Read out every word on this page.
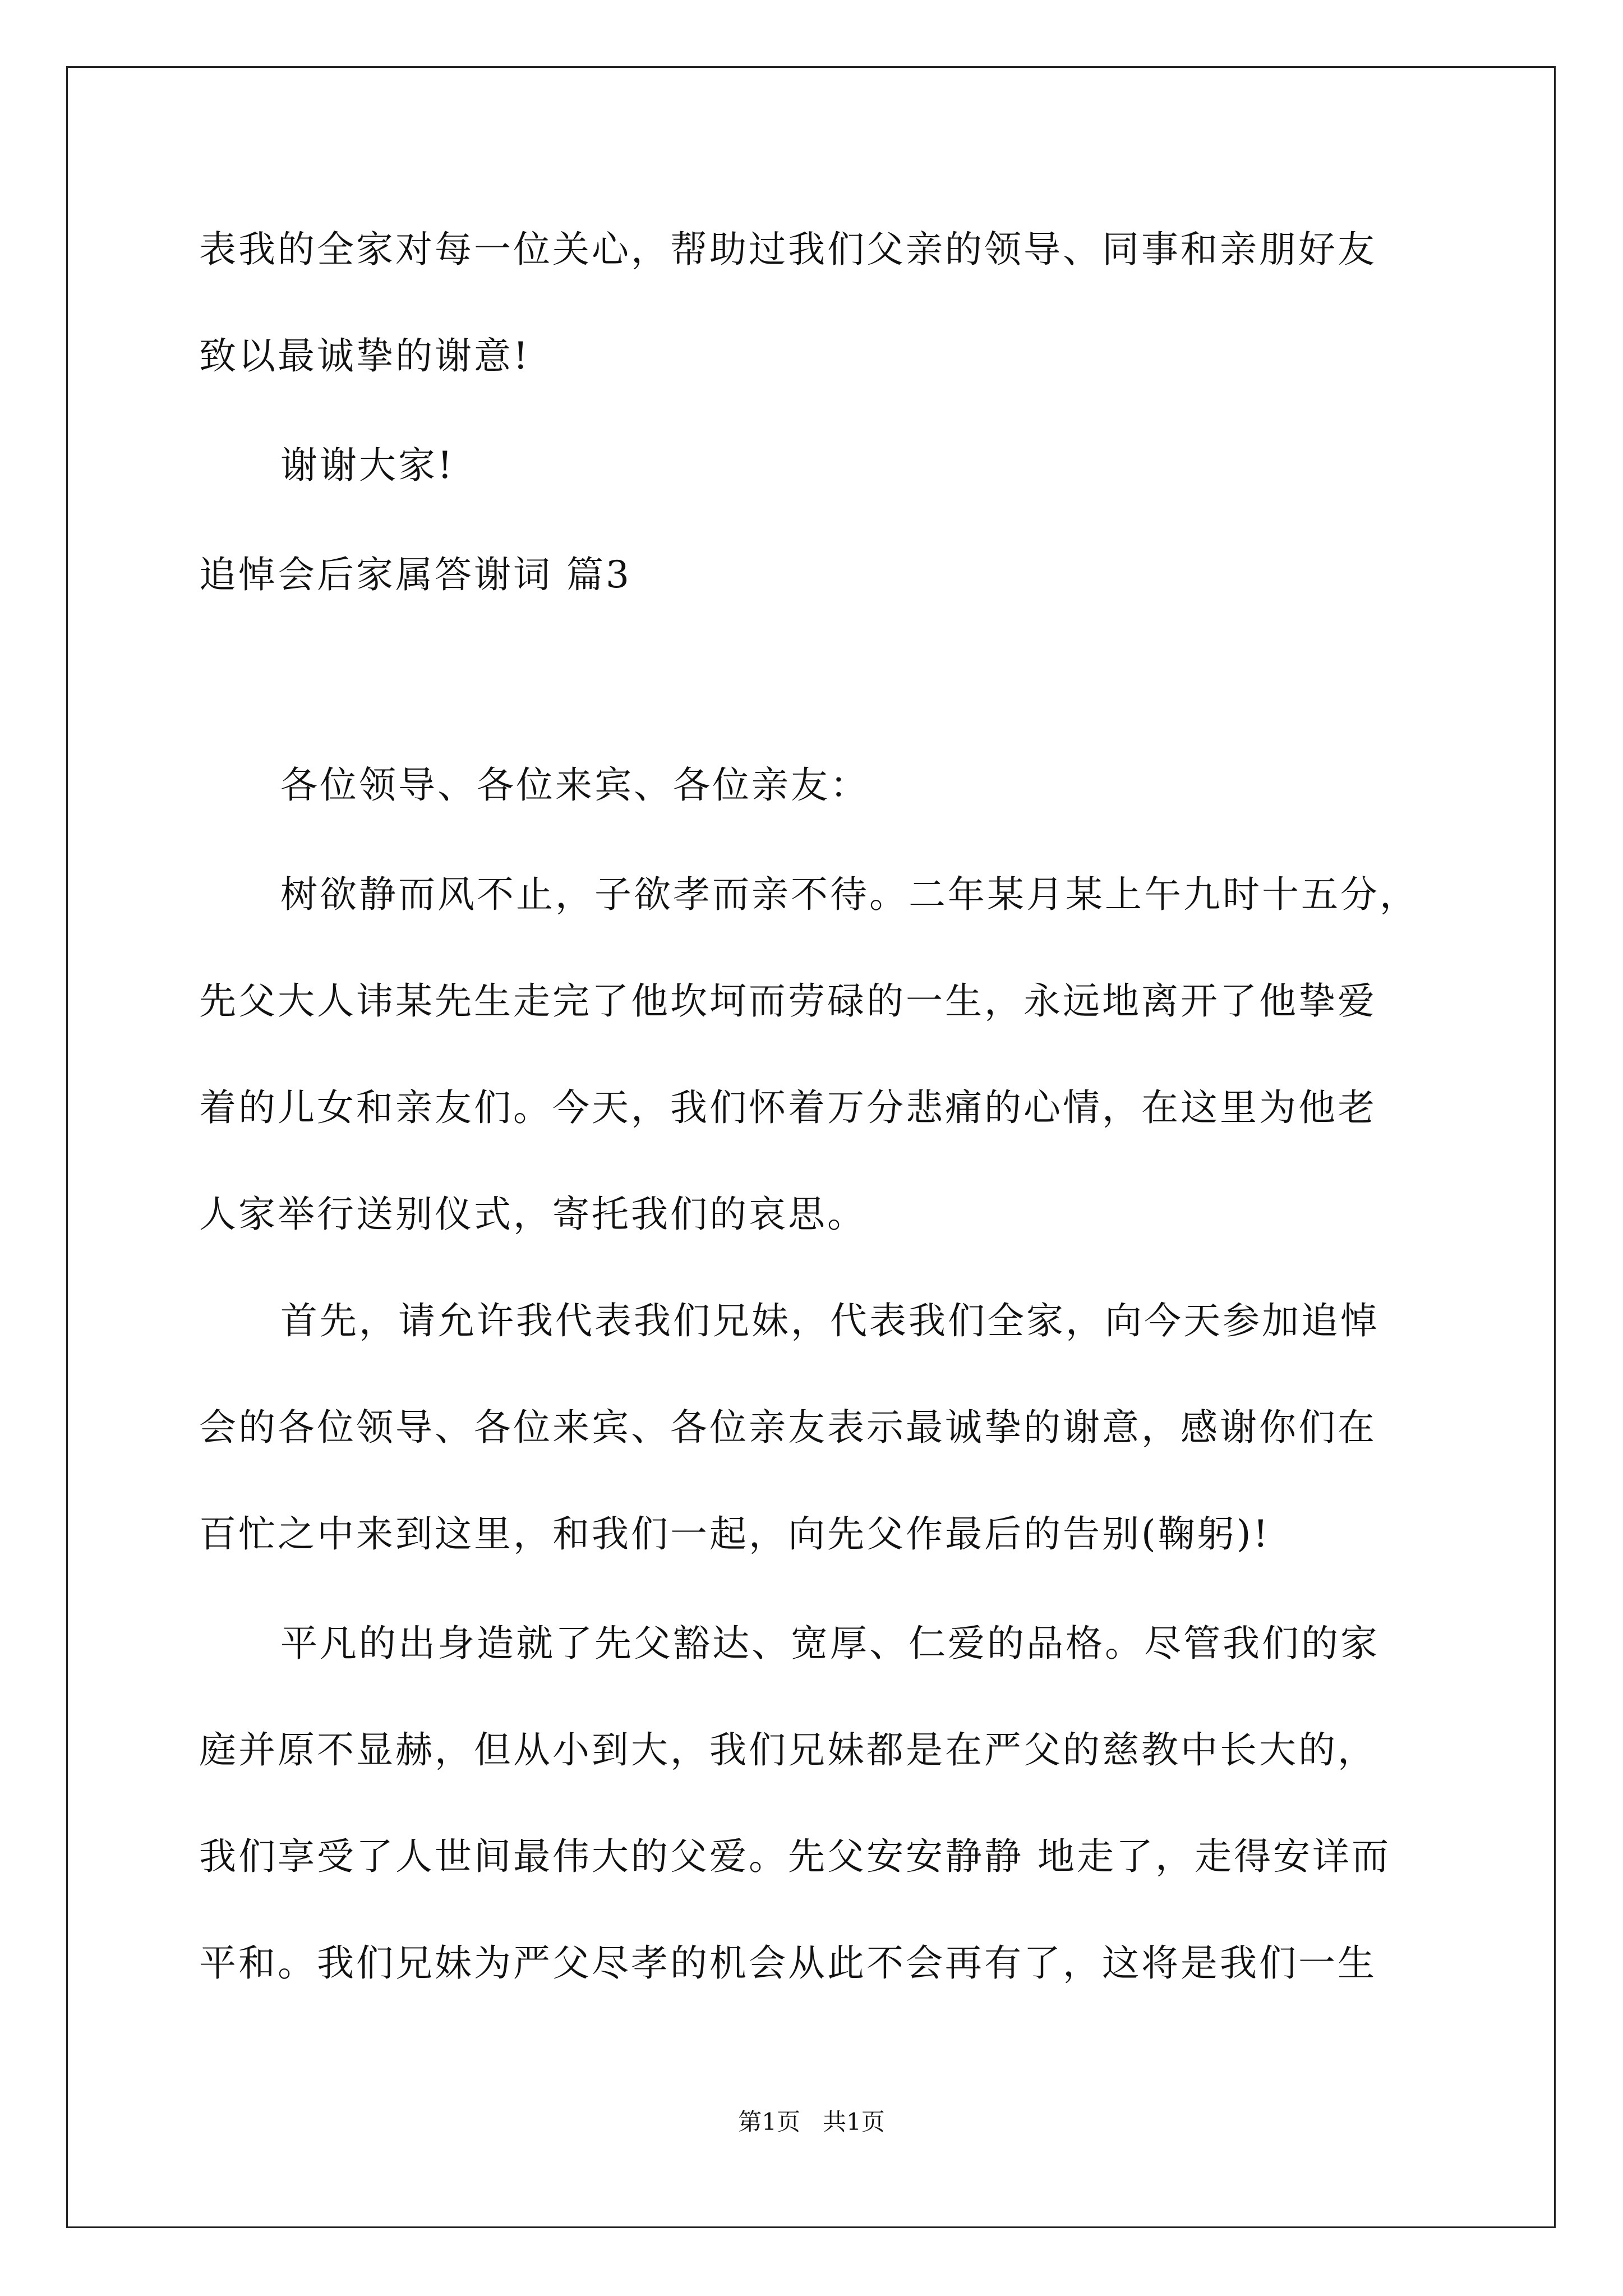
表我的全家对每一位关心，帮助过我们父亲的领导、同事和亲朋好友
致以最诚挚的谢意!
谢谢大家!
追悼会后家属答谢词 篇3
各位领导、各位来宾、各位亲友：
树欲静而风不止，子欲孝而亲不待。二年某月某上午九时十五分，
先父大人讳某先生走完了他坎坷而劳碌的一生，永远地离开了他挚爱
着的儿女和亲友们。今天，我们怀着万分悲痛的心情，在这里为他老
人家举行送别仪式，寄托我们的哀思。
首先，请允许我代表我们兄妹，代表我们全家，向今天参加追悼
会的各位领导、各位来宾、各位亲友表示最诚挚的谢意，感谢你们在
百忙之中来到这里，和我们一起，向先父作最后的告别(鞠躬)!
平凡的出身造就了先父豁达、宽厚、仁爱的品格。尽管我们的家
庭并原不显赫，但从小到大，我们兄妹都是在严父的慈教中长大的，
我们享受了人世间最伟大的父爱。先父安安静静 地走了，走得安详而
平和。我们兄妹为严父尽孝的机会从此不会再有了，这将是我们一生
第1页   共1页
